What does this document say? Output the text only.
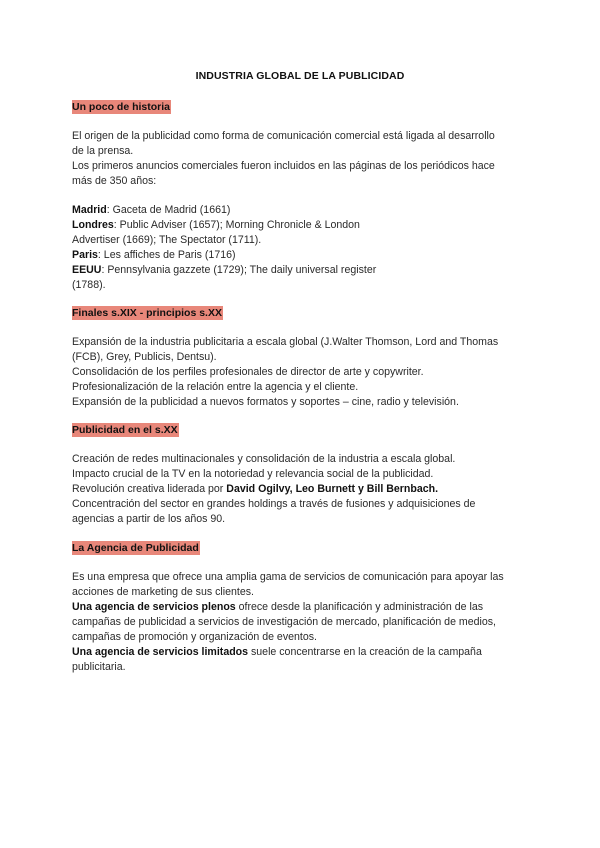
INDUSTRIA GLOBAL DE LA PUBLICIDAD
Un poco de historia
El origen de la publicidad como forma de comunicación comercial está ligada al desarrollo
de la prensa.
Los primeros anuncios comerciales fueron incluidos en las páginas de los periódicos hace
más de 350 años:
Madrid: Gaceta de Madrid (1661)
Londres: Public Adviser (1657); Morning Chronicle & London
Advertiser (1669); The Spectator (1711).
Paris: Les affiches de Paris (1716)
EEUU: Pennsylvania gazzete (1729); The daily universal register
(1788).
Finales s.XIX - principios s.XX
Expansión de la industria publicitaria a escala global (J.Walter Thomson, Lord and Thomas
(FCB), Grey, Publicis, Dentsu).
Consolidación de los perfiles profesionales de director de arte y copywriter.
Profesionalización de la relación entre la agencia y el cliente.
Expansión de la publicidad a nuevos formatos y soportes – cine, radio y televisión.
Publicidad en el s.XX
Creación de redes multinacionales y consolidación de la industria a escala global.
Impacto crucial de la TV en la notoriedad y relevancia social de la publicidad.
Revolución creativa liderada por David Ogilvy, Leo Burnett y Bill Bernbach.
Concentración del sector en grandes holdings a través de fusiones y adquisiciones de
agencias a partir de los años 90.
La Agencia de Publicidad
Es una empresa que ofrece una amplia gama de servicios de comunicación para apoyar las
acciones de marketing de sus clientes.
Una agencia de servicios plenos ofrece desde la planificación y administración de las
campañas de publicidad a servicios de investigación de mercado, planificación de medios,
campañas de promoción y organización de eventos.
Una agencia de servicios limitados suele concentrarse en la creación de la campaña
publicitaria.
